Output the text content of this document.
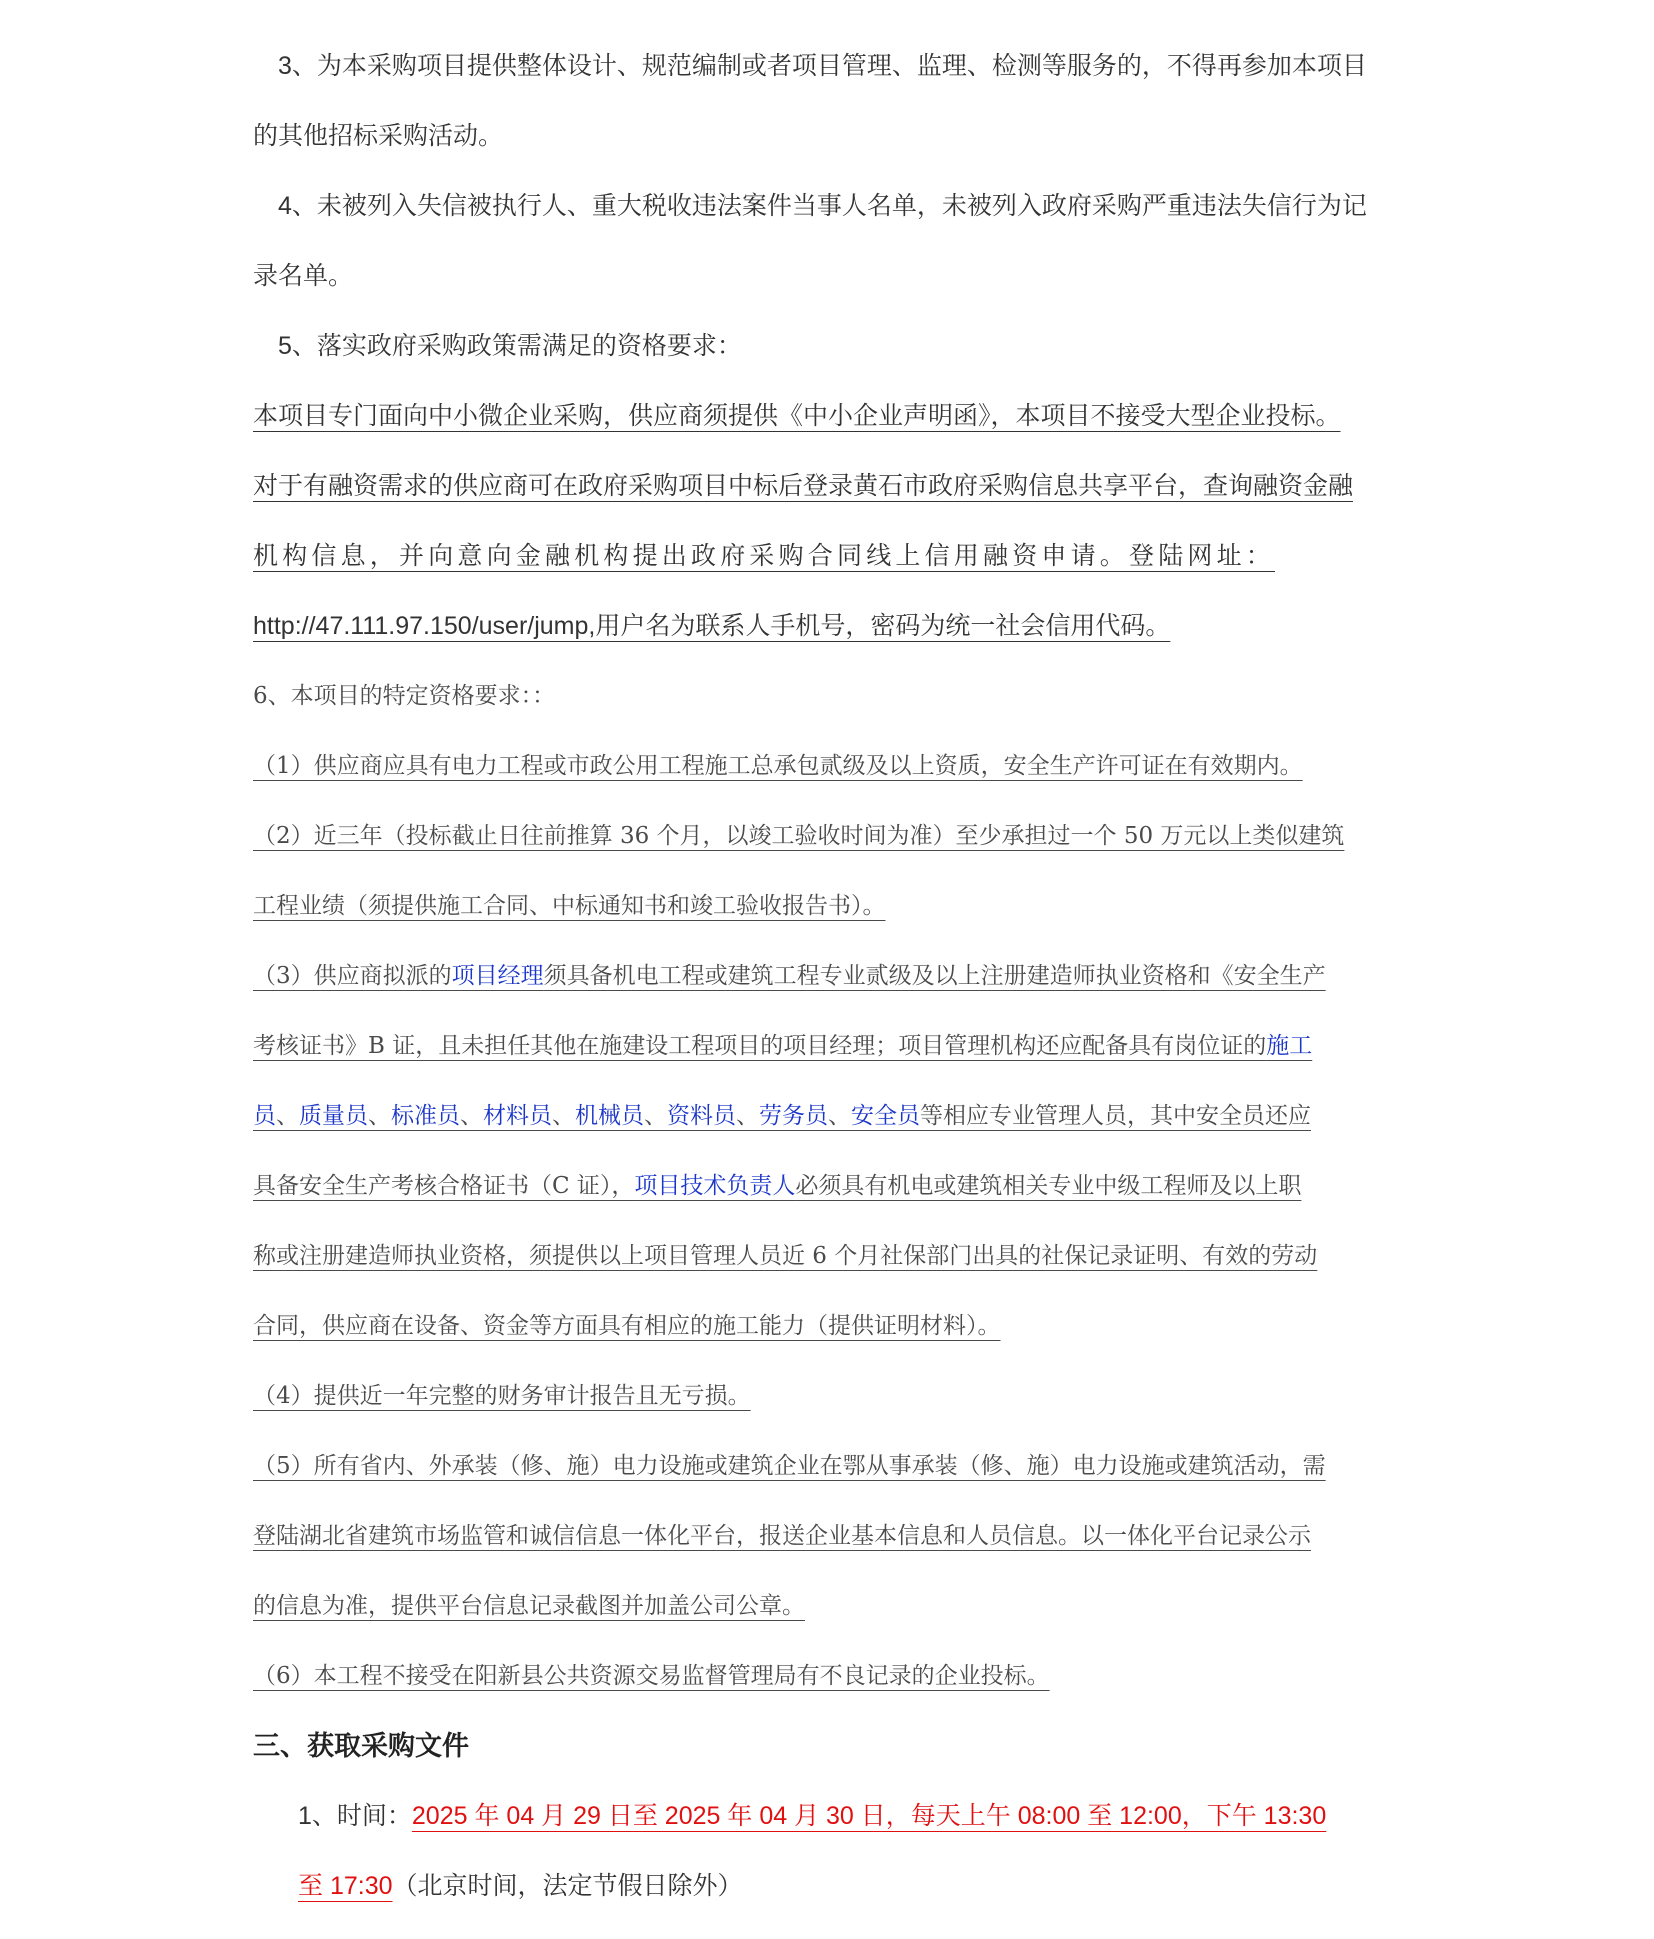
3、为本采购项目提供整体设计、规范编制或者项目管理、监理、检测等服务的，不得再参加本项目
的其他招标采购活动。
4、未被列入失信被执行人、重大税收违法案件当事人名单，未被列入政府采购严重违法失信行为记
录名单。
5、落实政府采购政策需满足的资格要求：
本项目专门面向中小微企业采购，供应商须提供《中小企业声明函》，本项目不接受大型企业投标。
对于有融资需求的供应商可在政府采购项目中标后登录黄石市政府采购信息共享平台，查询融资金融
机构信息，并向意向金融机构提出政府采购合同线上信用融资申请。登陆网址：
http://47.111.97.150/user/jump,用户名为联系人手机号，密码为统一社会信用代码。
6、本项目的特定资格要求：：
（1）供应商应具有电力工程或市政公用工程施工总承包贰级及以上资质，安全生产许可证在有效期内。
（2）近三年（投标截止日往前推算 36 个月，以竣工验收时间为准）至少承担过一个 50 万元以上类似建筑
工程业绩（须提供施工合同、中标通知书和竣工验收报告书）。
（3）供应商拟派的项目经理须具备机电工程或建筑工程专业贰级及以上注册建造师执业资格和《安全生产
考核证书》B 证，且未担任其他在施建设工程项目的项目经理；项目管理机构还应配备具有岗位证的施工
员、质量员、标准员、材料员、机械员、资料员、劳务员、安全员等相应专业管理人员，其中安全员还应
具备安全生产考核合格证书（C 证），项目技术负责人必须具有机电或建筑相关专业中级工程师及以上职
称或注册建造师执业资格，须提供以上项目管理人员近 6 个月社保部门出具的社保记录证明、有效的劳动
合同，供应商在设备、资金等方面具有相应的施工能力（提供证明材料）。
（4）提供近一年完整的财务审计报告且无亏损。
（5）所有省内、外承装（修、施）电力设施或建筑企业在鄂从事承装（修、施）电力设施或建筑活动，需
登陆湖北省建筑市场监管和诚信信息一体化平台，报送企业基本信息和人员信息。以一体化平台记录公示
的信息为准，提供平台信息记录截图并加盖公司公章。
（6）本工程不接受在阳新县公共资源交易监督管理局有不良记录的企业投标。
三、获取采购文件
1、时间：2025 年 04 月 29 日至 2025 年 04 月 30 日，每天上午 08:00 至 12:00，下午 13:30
至 17:30（北京时间，法定节假日除外）
